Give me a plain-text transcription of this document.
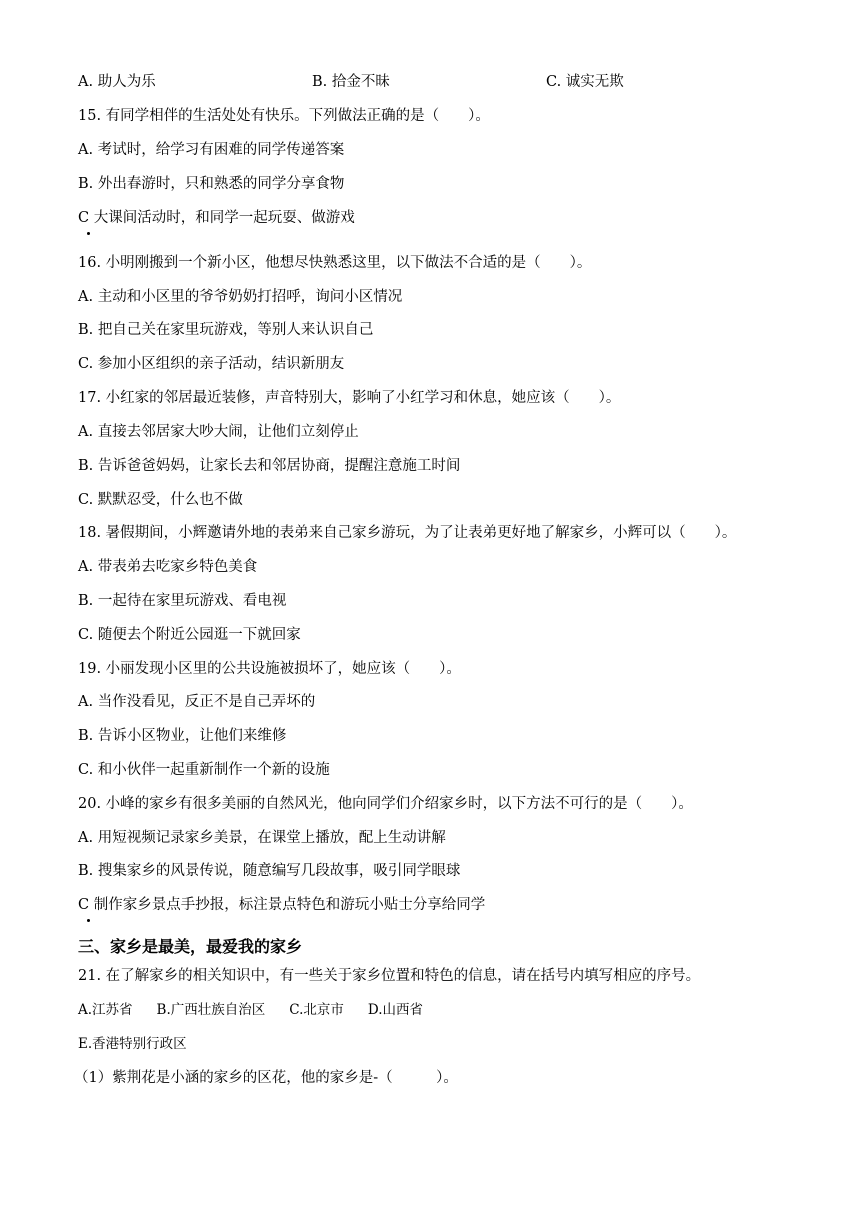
A. 助人为乐	B. 拾金不昧	C. 诚实无欺
15. 有同学相伴的生活处处有快乐。下列做法正确的是（　　）。
A. 考试时，给学习有困难的同学传递答案
B. 外出春游时，只和熟悉的同学分享食物
C 大课间活动时，和同学一起玩耍、做游戏
16. 小明刚搬到一个新小区，他想尽快熟悉这里，以下做法不合适的是（　　）。
A. 主动和小区里的爷爷奶奶打招呼，询问小区情况
B. 把自己关在家里玩游戏，等别人来认识自己
C. 参加小区组织的亲子活动，结识新朋友
17. 小红家的邻居最近装修，声音特别大，影响了小红学习和休息，她应该（　　）。
A. 直接去邻居家大吵大闹，让他们立刻停止
B. 告诉爸爸妈妈，让家长去和邻居协商，提醒注意施工时间
C. 默默忍受，什么也不做
18. 暑假期间，小辉邀请外地的表弟来自己家乡游玩，为了让表弟更好地了解家乡，小辉可以（　　）。
A. 带表弟去吃家乡特色美食
B. 一起待在家里玩游戏、看电视
C. 随便去个附近公园逛一下就回家
19. 小丽发现小区里的公共设施被损坏了，她应该（　　）。
A. 当作没看见，反正不是自己弄坏的
B. 告诉小区物业，让他们来维修
C. 和小伙伴一起重新制作一个新的设施
20. 小峰的家乡有很多美丽的自然风光，他向同学们介绍家乡时，以下方法不可行的是（　　）。
A. 用短视频记录家乡美景，在课堂上播放，配上生动讲解
B. 搜集家乡的风景传说，随意编写几段故事，吸引同学眼球
C 制作家乡景点手抄报，标注景点特色和游玩小贴士分享给同学
三、家乡是最美，最爱我的家乡
21. 在了解家乡的相关知识中，有一些关于家乡位置和特色的信息，请在括号内填写相应的序号。
A.江苏省 B.广西壮族自治区 C.北京市 D.山西省
E.香港特别行政区
（1）紫荆花是小涵的家乡的区花，他的家乡是-（　　　）。
